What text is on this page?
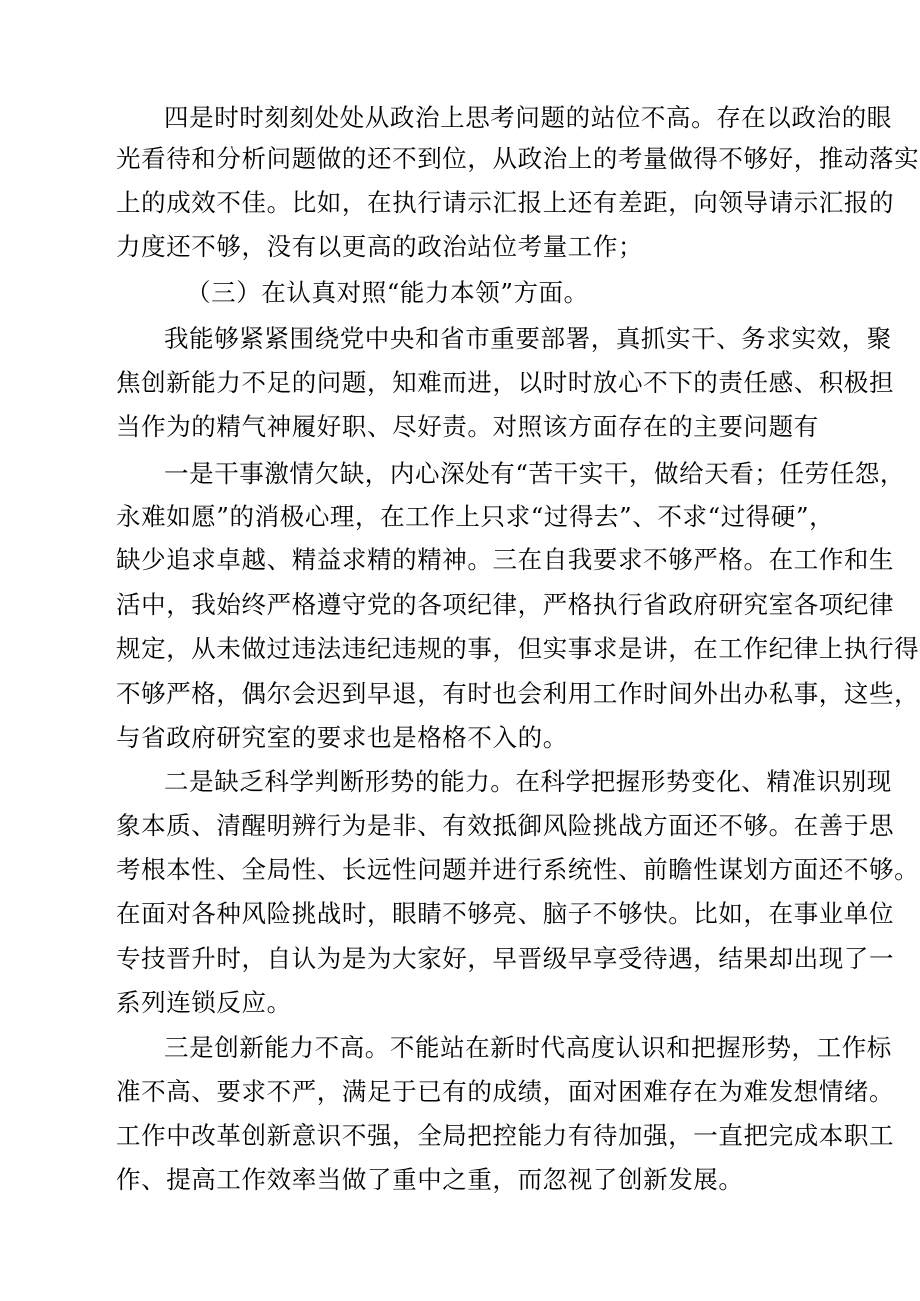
四是时时刻刻处处从政治上思考问题的站位不高。存在以政治的眼
光看待和分析问题做的还不到位，从政治上的考量做得不够好，推动落实
上的成效不佳。比如，在执行请示汇报上还有差距，向领导请示汇报的
力度还不够，没有以更高的政治站位考量工作；
（三）在认真对照“能力本领”方面。
我能够紧紧围绕党中央和省市重要部署，真抓实干、务求实效，聚
焦创新能力不足的问题，知难而进，以时时放心不下的责任感、积极担
当作为的精气神履好职、尽好责。对照该方面存在的主要问题有
一是干事激情欠缺，内心深处有“苦干实干，做给天看；任劳任怨，
永难如愿”的消极心理，在工作上只求“过得去”、不求“过得硬”，
缺少追求卓越、精益求精的精神。三在自我要求不够严格。在工作和生
活中，我始终严格遵守党的各项纪律，严格执行省政府研究室各项纪律
规定，从未做过违法违纪违规的事，但实事求是讲，在工作纪律上执行得
不够严格，偶尔会迟到早退，有时也会利用工作时间外出办私事，这些，
与省政府研究室的要求也是格格不入的。
二是缺乏科学判断形势的能力。在科学把握形势变化、精准识别现
象本质、清醒明辨行为是非、有效抵御风险挑战方面还不够。在善于思
考根本性、全局性、长远性问题并进行系统性、前瞻性谋划方面还不够。
在面对各种风险挑战时，眼睛不够亮、脑子不够快。比如，在事业单位
专技晋升时，自认为是为大家好，早晋级早享受待遇，结果却出现了一
系列连锁反应。
三是创新能力不高。不能站在新时代高度认识和把握形势，工作标
准不高、要求不严，满足于已有的成绩，面对困难存在为难发想情绪。
工作中改革创新意识不强，全局把控能力有待加强，一直把完成本职工
作、提高工作效率当做了重中之重，而忽视了创新发展。
